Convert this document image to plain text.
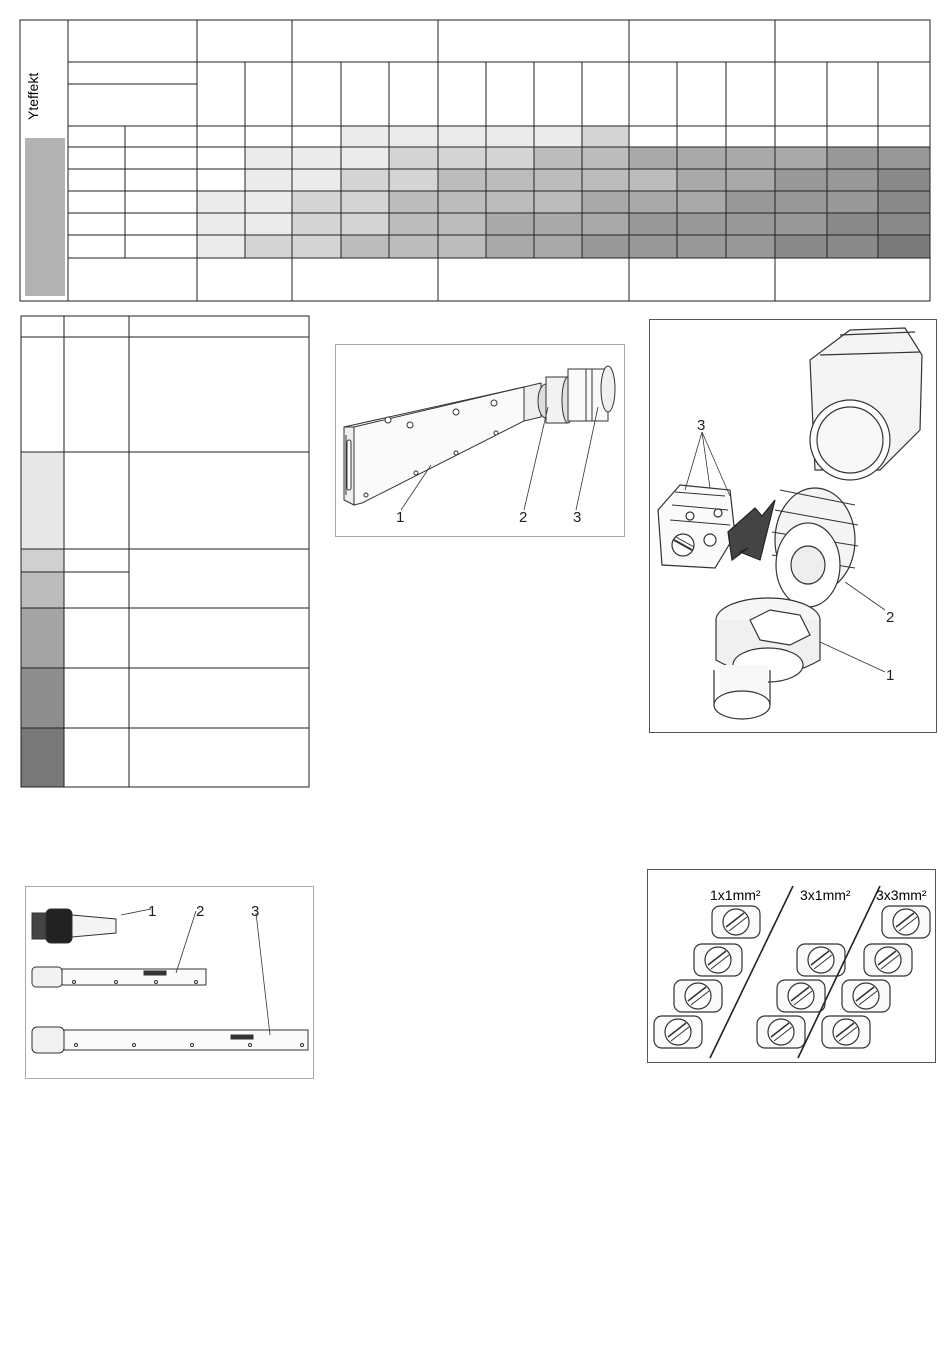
Yteffekt
1	2	3
3
2
1
1	2	3
1x1mm²	3x1mm² 3x3mm²
